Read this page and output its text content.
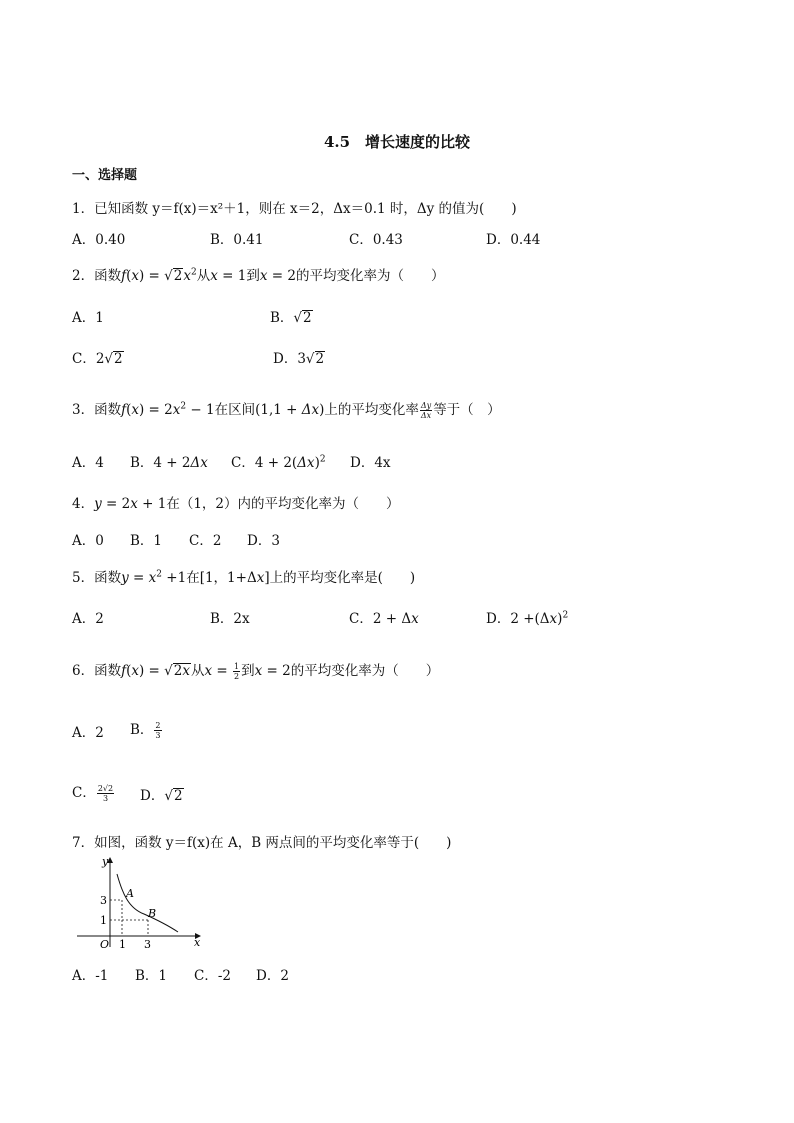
4.5　增长速度的比较
一、选择题
1．已知函数 y＝f(x)＝x²＋1，则在 x＝2，Δx＝0.1 时，Δy 的值为(　　)
A．0.40	B．0.41	C．0.43	D．0.44
2．函数$f(x) = √2x^2$从x = 1到x = 2的平均变化率为（　　）
A．1	B．√2
C．2√2	D．3√2
3．函数$f(x) = 2x^2 - 1$在区间(1,1 + Δx)上的平均变化率 $\frac{\Delta y}{\Delta x}$ 等于（　）
A．4 B．4 + 2Δx C．$4 + 2(\Delta x)^2$ D．4x
4．y = 2x + 1在（1，2）内的平均变化率为（　　）
A．0 B．1 C．2 D．3
5．函数$y = x^2 +1$在[1，1+Δx]上的平均变化率是(　　)
A．2	B．2x	C．2 + Δx	D．$2 +(\Delta x)^2$
6．函数f(x) = √2x从$x = \frac{1}{2}$ 到x = 2的平均变化率为（　　）
A．2 B． $\frac{2}{3}$
C． $\frac{2√2}{3}$ D．√2
7．如图，函数 y＝f(x)在 A，B 两点间的平均变化率等于(　　)
y
x
O 1 3
3
1
A
B
A．-1 B．1 C．-2 D．2
